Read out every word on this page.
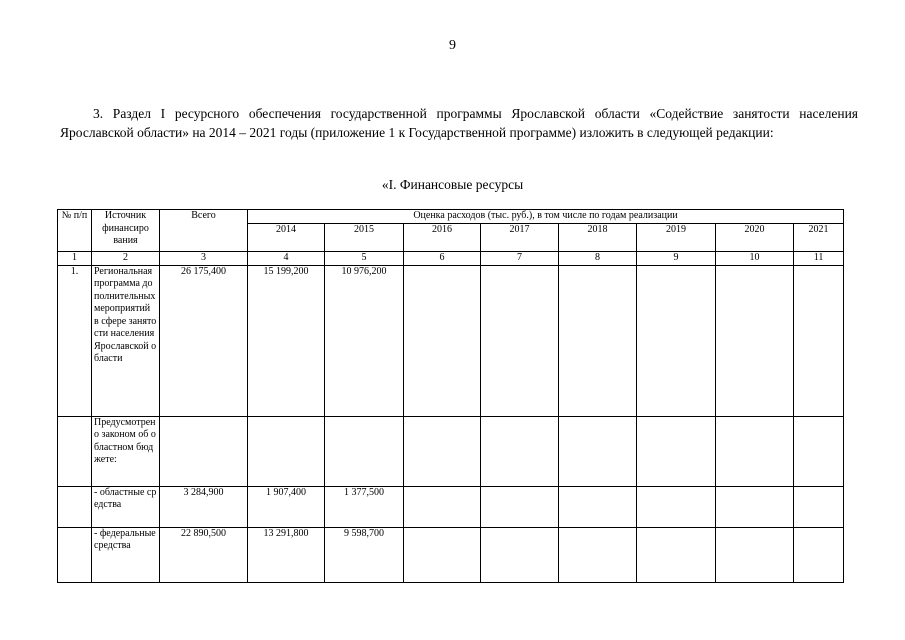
9
3. Раздел I ресурсного обеспечения государственной программы Ярославской области «Содействие занятости населения Ярославской области» на 2014 – 2021 годы (приложение 1 к Государственной программе) изложить в следующей редакции:
«I. Финансовые ресурсы
№ п/п	Источник финансиро вания	Всего	Оценка расходов (тыс. руб.), в том числе по годам реализации							
			2014	2015	2016	2017	2018	2019	2020	2021
1	2	3	4	5	6	7	8	9	10	11
1.	Региональная программа дополнительных мероприятий в сфере занятости населения Ярославской области	26 175,400	15 199,200	10 976,200						
	Предусмотрено законом об областном бюджете:									
	- областные средства	3 284,900	1 907,400	1 377,500						
	- федеральные средства	22 890,500	13 291,800	9 598,700						
